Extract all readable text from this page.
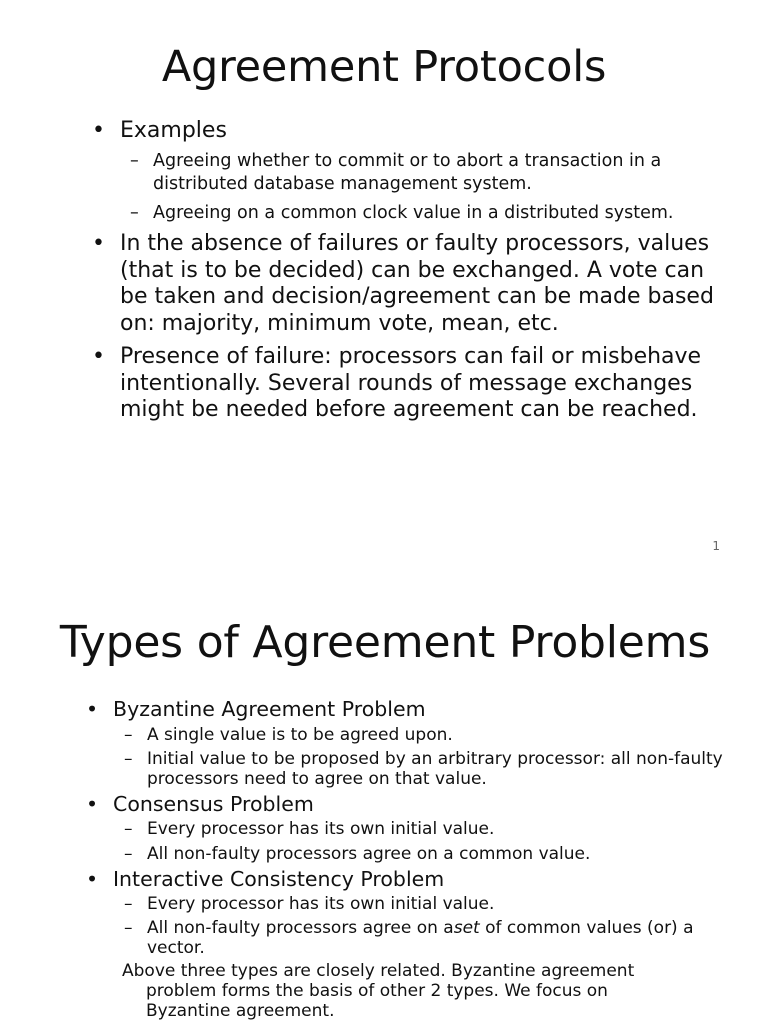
Agreement Protocols
• Examples
– Agreeing whether to commit or to abort a transaction in a distributed database management system.
– Agreeing on a common clock value in a distributed system.
• In the absence of failures or faulty processors, values (that is to be decided) can be exchanged. A vote can be taken and decision/agreement can be made based on: majority, minimum vote, mean, etc.
• Presence of failure: processors can fail or misbehave intentionally. Several rounds of message exchanges might be needed before agreement can be reached.
1
Types of Agreement Problems
• Byzantine Agreement Problem
– A single value is to be agreed upon.
– Initial value to be proposed by an arbitrary processor: all non-faulty processors need to agree on that value.
• Consensus Problem
– Every processor has its own initial value.
– All non-faulty processors agree on a common value.
• Interactive Consistency Problem
– Every processor has its own initial value.
– All non-faulty processors agree on aset of common values (or) a vector.
Above three types are closely related. Byzantine agreement problem forms the basis of other 2 types. We focus on Byzantine agreement.
